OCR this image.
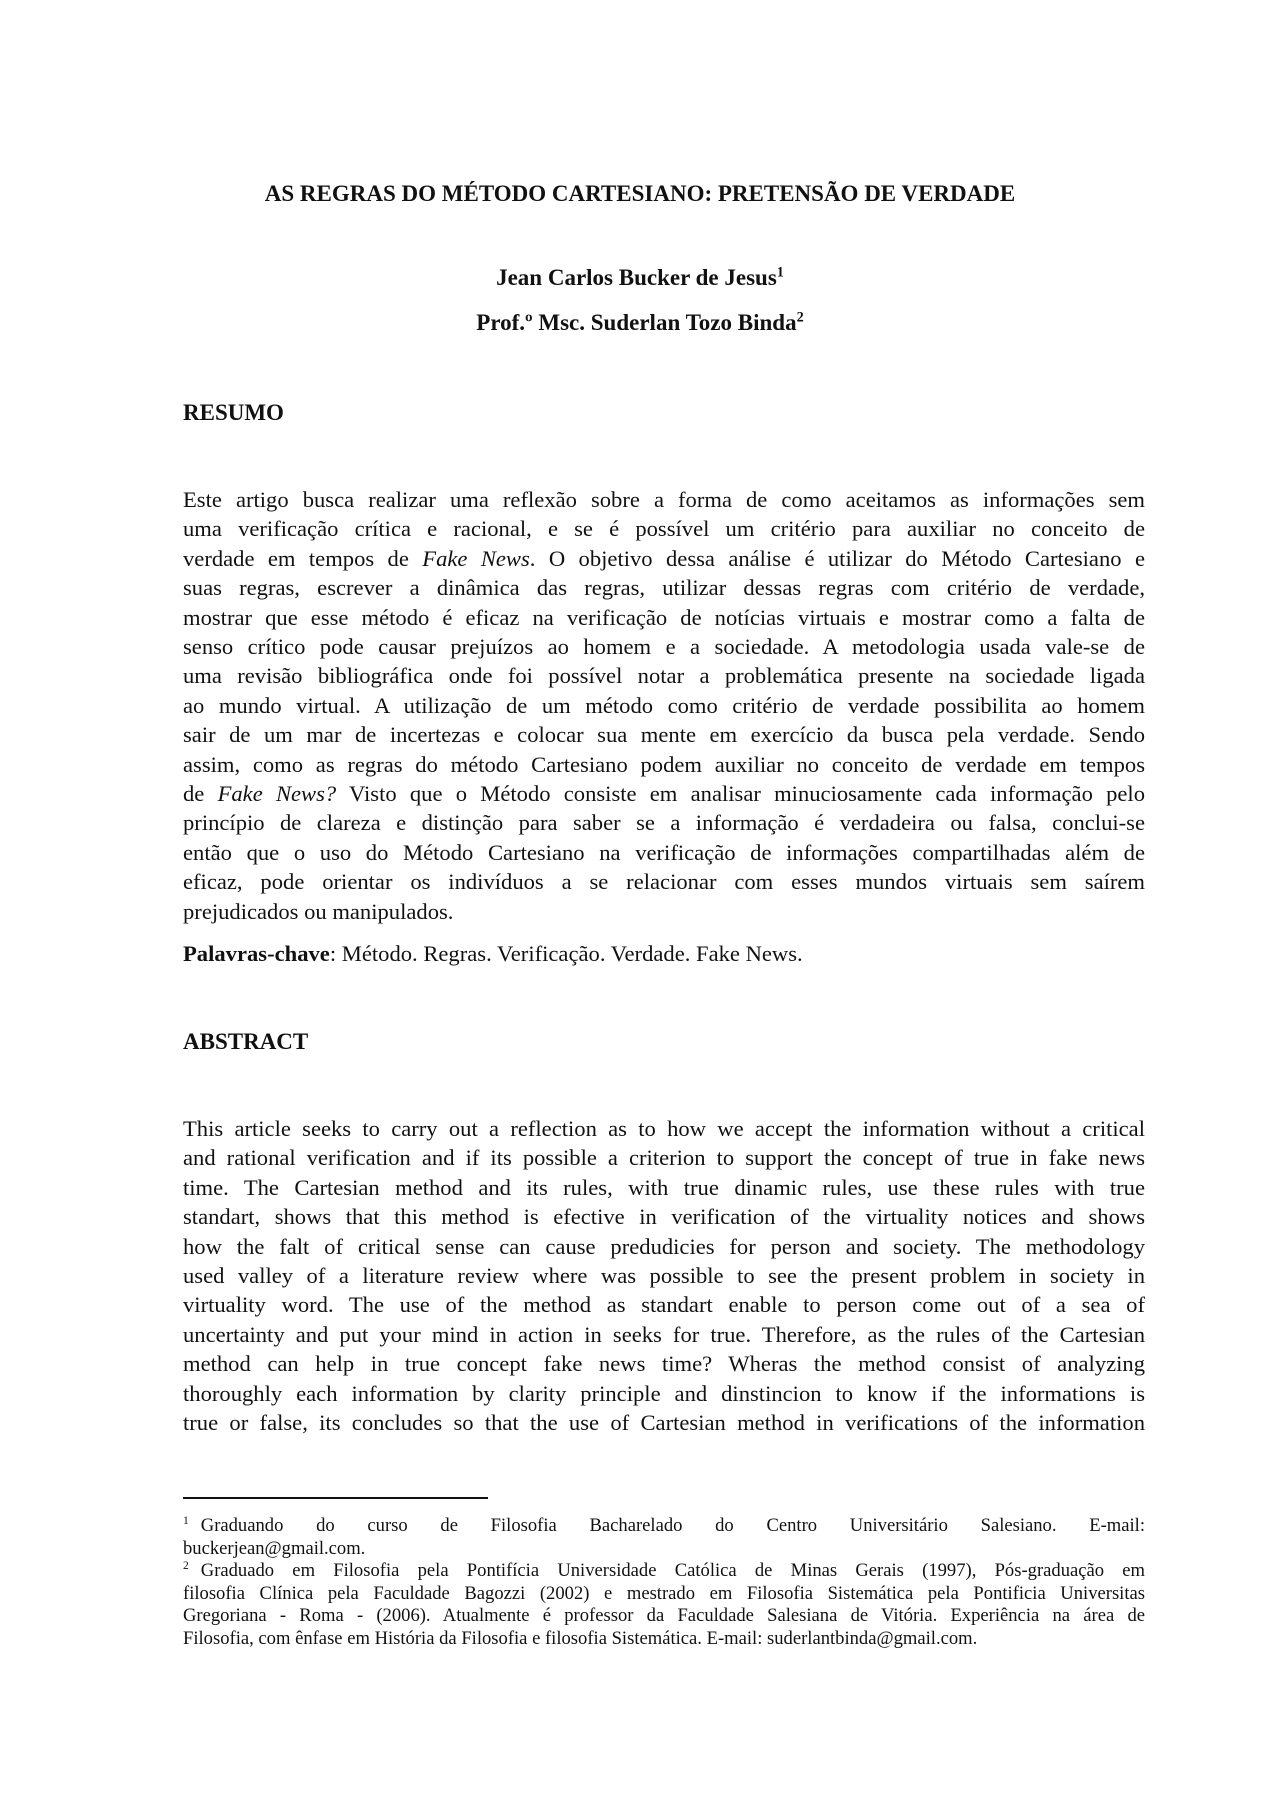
AS REGRAS DO MÉTODO CARTESIANO: PRETENSÃO DE VERDADE
Jean Carlos Bucker de Jesus$^1$
Prof.º Msc. Suderlan Tozo Binda$^2$
RESUMO
Este artigo busca realizar uma reflexão sobre a forma de como aceitamos as informações sem
uma verificação crítica e racional, e se é possível um critério para auxiliar no conceito de
verdade em tempos de Fake News. O objetivo dessa análise é utilizar do Método Cartesiano e
suas regras, escrever a dinâmica das regras, utilizar dessas regras com critério de verdade,
mostrar que esse método é eficaz na verificação de notícias virtuais e mostrar como a falta de
senso crítico pode causar prejuízos ao homem e a sociedade. A metodologia usada vale-se de
uma revisão bibliográfica onde foi possível notar a problemática presente na sociedade ligada
ao mundo virtual. A utilização de um método como critério de verdade possibilita ao homem
sair de um mar de incertezas e colocar sua mente em exercício da busca pela verdade. Sendo
assim, como as regras do método Cartesiano podem auxiliar no conceito de verdade em tempos
de Fake News? Visto que o Método consiste em analisar minuciosamente cada informação pelo
princípio de clareza e distinção para saber se a informação é verdadeira ou falsa, conclui-se
então que o uso do Método Cartesiano na verificação de informações compartilhadas além de
eficaz, pode orientar os indivíduos a se relacionar com esses mundos virtuais sem saírem
prejudicados ou manipulados.
Palavras-chave: Método. Regras. Verificação. Verdade. Fake News.
ABSTRACT
This article seeks to carry out a reflection as to how we accept the information without a critical
and rational verification and if its possible a criterion to support the concept of true in fake news
time. The Cartesian method and its rules, with true dinamic rules, use these rules with true
standart, shows that this method is efective in verification of the virtuality notices and shows
how the falt of critical sense can cause predudicies for person and society. The methodology
used valley of a literature review where was possible to see the present problem in society in
virtuality word. The use of the method as standart enable to person come out of a sea of
uncertainty and put your mind in action in seeks for true. Therefore, as the rules of the Cartesian
method can help in true concept fake news time? Wheras the method consist of analyzing
thoroughly each information by clarity principle and dinstincion to know if the informations is
true or false, its concludes so that the use of Cartesian method in verifications of the information
$^1$ Graduando do curso de Filosofia Bacharelado do Centro Universitário Salesiano. E-mail:
buckerjean@gmail.com.
$^2$ Graduado em Filosofia pela Pontifícia Universidade Católica de Minas Gerais (1997), Pós-graduação em
filosofia Clínica pela Faculdade Bagozzi (2002) e mestrado em Filosofia Sistemática pela Pontificia Universitas
Gregoriana - Roma - (2006). Atualmente é professor da Faculdade Salesiana de Vitória. Experiência na área de
Filosofia, com ênfase em História da Filosofia e filosofia Sistemática. E-mail: suderlantbinda@gmail.com.
